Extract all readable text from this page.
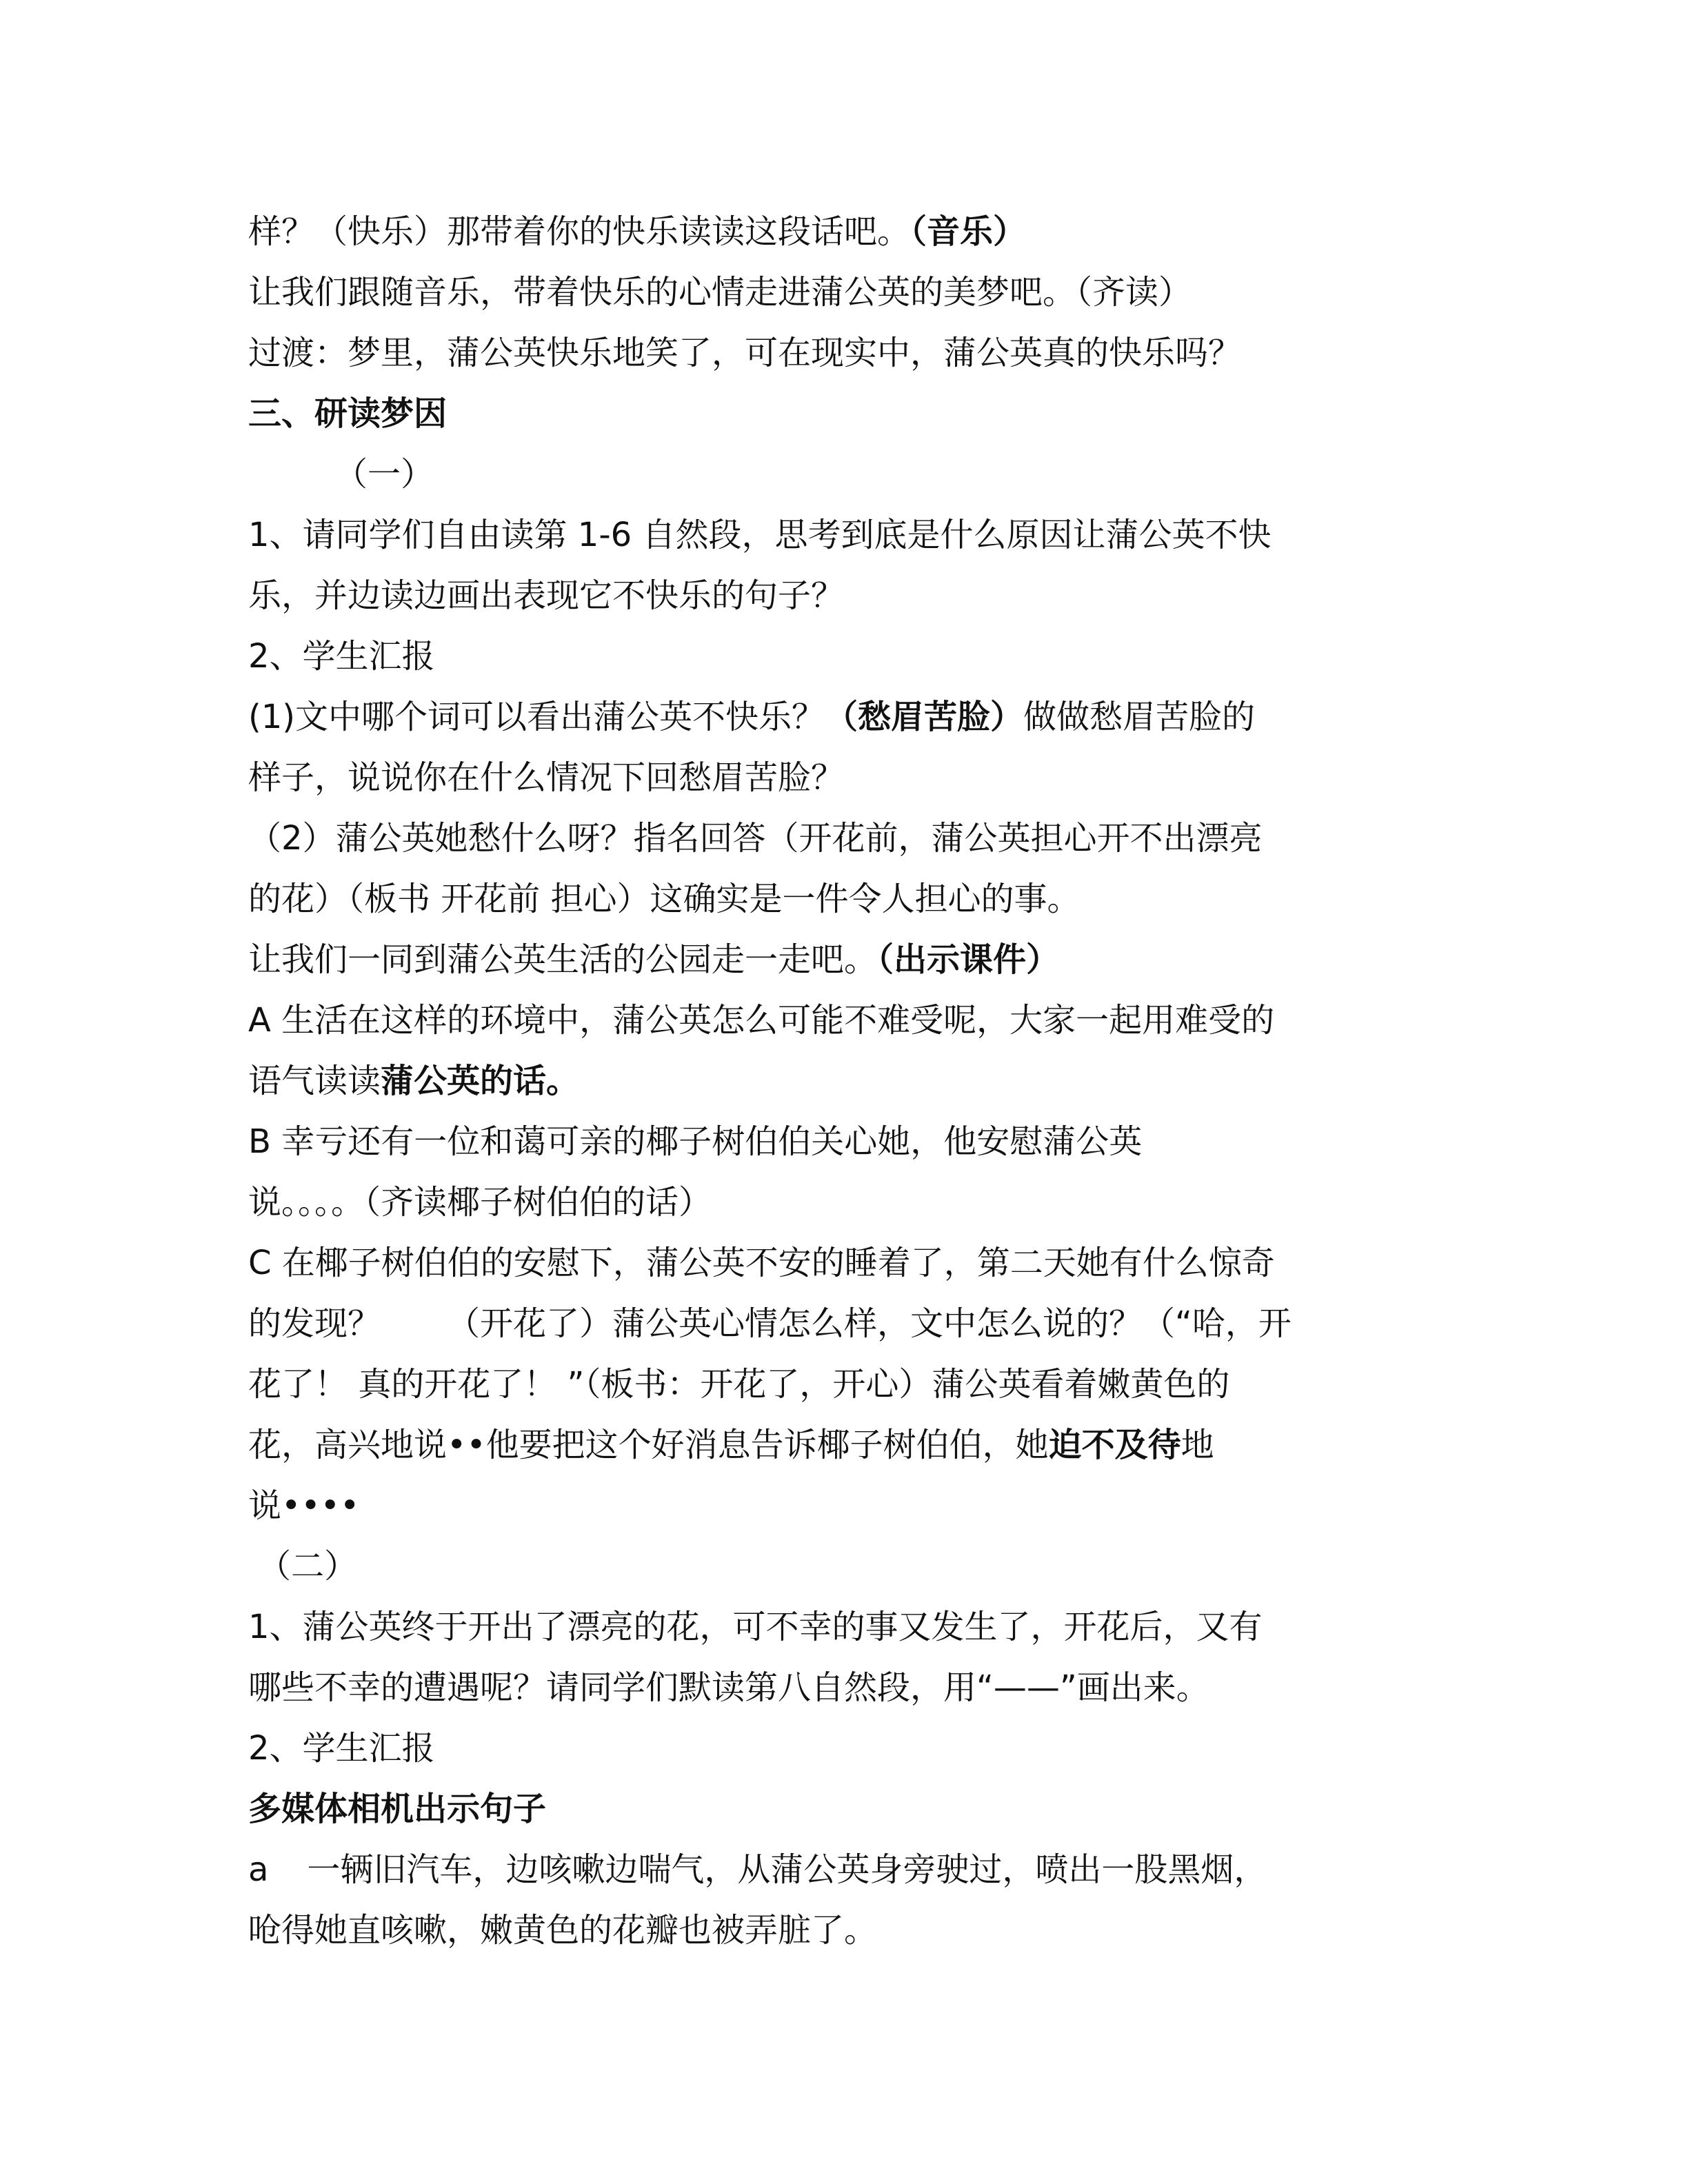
样？（快乐）那带着你的快乐读读这段话吧。（音乐）
让我们跟随音乐，带着快乐的心情走进蒲公英的美梦吧。（齐读）
过渡：梦里，蒲公英快乐地笑了，可在现实中，蒲公英真的快乐吗？
三、研读梦因
（一）
1、请同学们自由读第 1-6 自然段，思考到底是什么原因让蒲公英不快
乐，并边读边画出表现它不快乐的句子？
2、学生汇报
(1)文中哪个词可以看出蒲公英不快乐？（愁眉苦脸）做做愁眉苦脸的
样子，说说你在什么情况下回愁眉苦脸？
（2）蒲公英她愁什么呀？指名回答（开花前，蒲公英担心开不出漂亮
的花）（板书 开花前 担心）这确实是一件令人担心的事。
让我们一同到蒲公英生活的公园走一走吧。（出示课件）
A 生活在这样的环境中，蒲公英怎么可能不难受呢，大家一起用难受的
语气读读蒲公英的话。
B 幸亏还有一位和蔼可亲的椰子树伯伯关心她，他安慰蒲公英
说。。。。（齐读椰子树伯伯的话）
C 在椰子树伯伯的安慰下，蒲公英不安的睡着了，第二天她有什么惊奇
的发现？ （开花了）蒲公英心情怎么样，文中怎么说的？（“哈，开
花了！ 真的开花了！ ”（板书：开花了，开心）蒲公英看着嫩黄色的
花，高兴地说••他要把这个好消息告诉椰子树伯伯，她迫不及待地
说••••
（二）
1、蒲公英终于开出了漂亮的花，可不幸的事又发生了，开花后，又有
哪些不幸的遭遇呢？请同学们默读第八自然段，用“——”画出来。
2、学生汇报
多媒体相机出示句子
a 一辆旧汽车，边咳嗽边喘气，从蒲公英身旁驶过，喷出一股黑烟，
呛得她直咳嗽，嫩黄色的花瓣也被弄脏了。
